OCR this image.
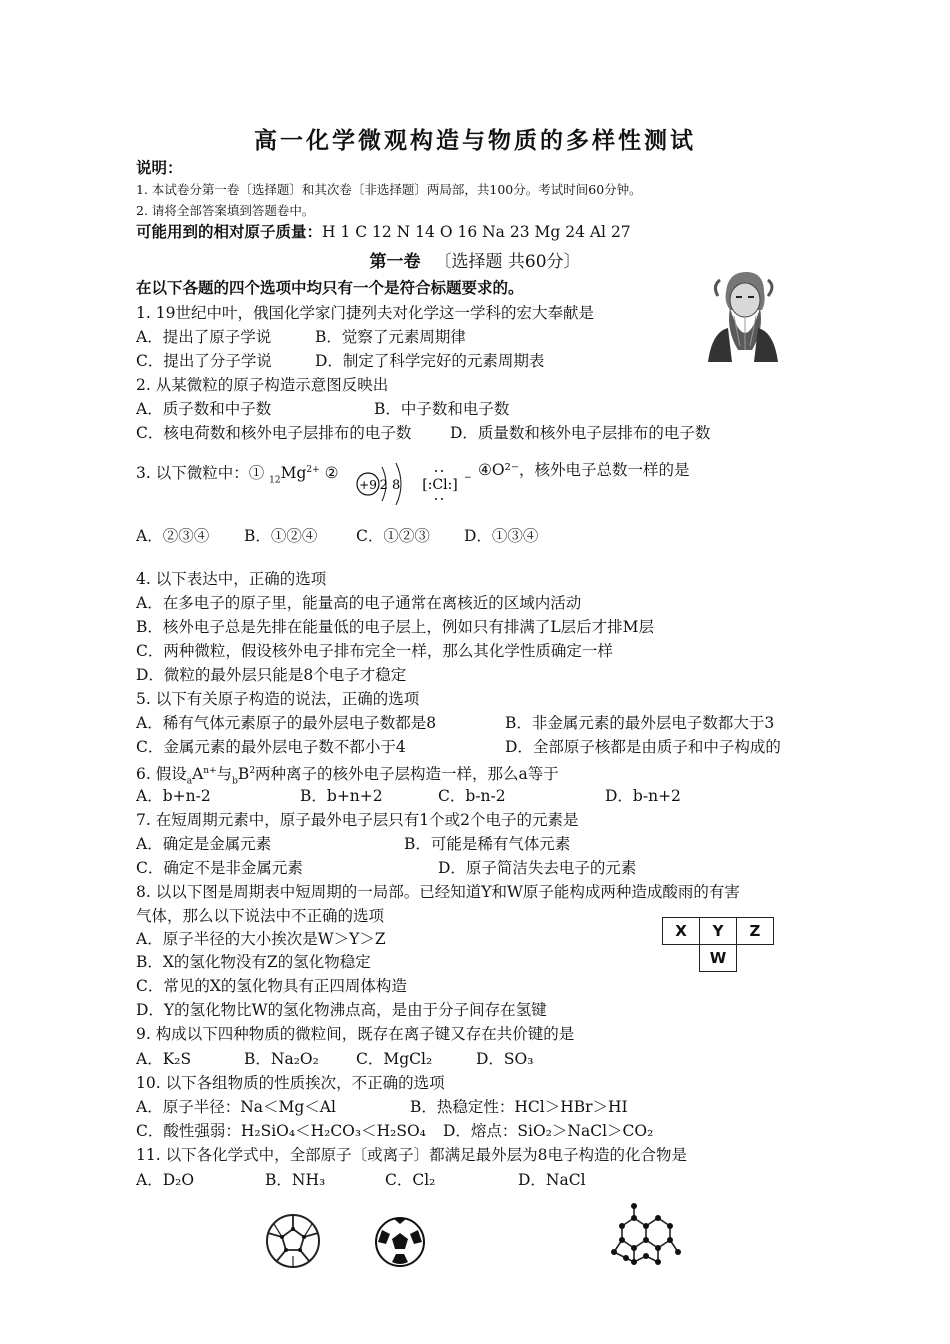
高一化学微观构造与物质的多样性测试
说明：
1. 本试卷分第一卷〔选择题〕和其次卷〔非选择题〕两局部，共100分。考试时间60分钟。
2. 请将全部答案填到答题卷中。
可能用到的相对原子质量：H 1 C 12 N 14 O 16 Na 23 Mg 24 Al 27
第一卷 〔选择题 共60分〕
在以下各题的四个选项中均只有一个是符合标题要求的。
1. 19世纪中叶，俄国化学家门捷列夫对化学这一学科的宏大奉献是
A．提出了原子学说	B．觉察了元素周期律
C．提出了分子学说	D．制定了科学完好的元素周期表
2. 从某微粒的原子构造示意图反映出
A．质子数和中子数	B．中子数和电子数
C．核电荷数和核外电子层排布的电子数 D．质量数和核外电子层排布的电子数
3. 以下微粒中：① $_{12}Mg^{2+}$ ②
+9 2 8 [:Cl:] − ④O²⁻，核外电子总数一样的是
A．②③④ B．①②④ C．①②③ D．①③④
4. 以下表达中，正确的选项
A．在多电子的原子里，能量高的电子通常在离核近的区域内活动
B．核外电子总是先排在能量低的电子层上，例如只有排满了L层后才排M层
C．两种微粒，假设核外电子排布完全一样，那么其化学性质确定一样
D．微粒的最外层只能是8个电子才稳定
5. 以下有关原子构造的说法，正确的选项
A．稀有气体元素原子的最外层电子数都是8	B．非金属元素的最外层电子数都大于3
C．金属元素的最外层电子数不都小于4	D．全部原子核都是由质子和中子构成的
6. 假设$_aA^{n+}$与$_bB^2$两种离子的核外电子层构造一样，那么a等于
A．b+n-2	B．b+n+2	C．b-n-2	D．b-n+2
7. 在短周期元素中，原子最外电子层只有1个或2个电子的元素是
A．确定是金属元素	B．可能是稀有气体元素
C．确定不是非金属元素	D．原子简洁失去电子的元素
8. 以以下图是周期表中短周期的一局部。已经知道Y和W原子能构成两种造成酸雨的有害
气体，那么以下说法中不正确的选项
A．原子半径的大小挨次是W＞Y＞Z
B．X的氢化物没有Z的氢化物稳定
C．常见的X的氢化物具有正四周体构造
D．Y的氢化物比W的氢化物沸点高，是由于分子间存在氢键
X	Y	Z
	W	
9. 构成以下四种物质的微粒间，既存在离子键又存在共价键的是
A．K₂S	B．Na₂O₂ C．MgCl₂	D．SO₃
10. 以下各组物质的性质挨次，不正确的选项
A．原子半径：Na＜Mg＜Al	B．热稳定性：HCl＞HBr＞HI
C．酸性强弱：H₂SiO₄＜H₂CO₃＜H₂SO₄ D．熔点：SiO₂＞NaCl＞CO₂
11. 以下各化学式中，全部原子〔或离子〕都满足最外层为8电子构造的化合物是
A．D₂O	B．NH₃	C．Cl₂	D．NaCl
